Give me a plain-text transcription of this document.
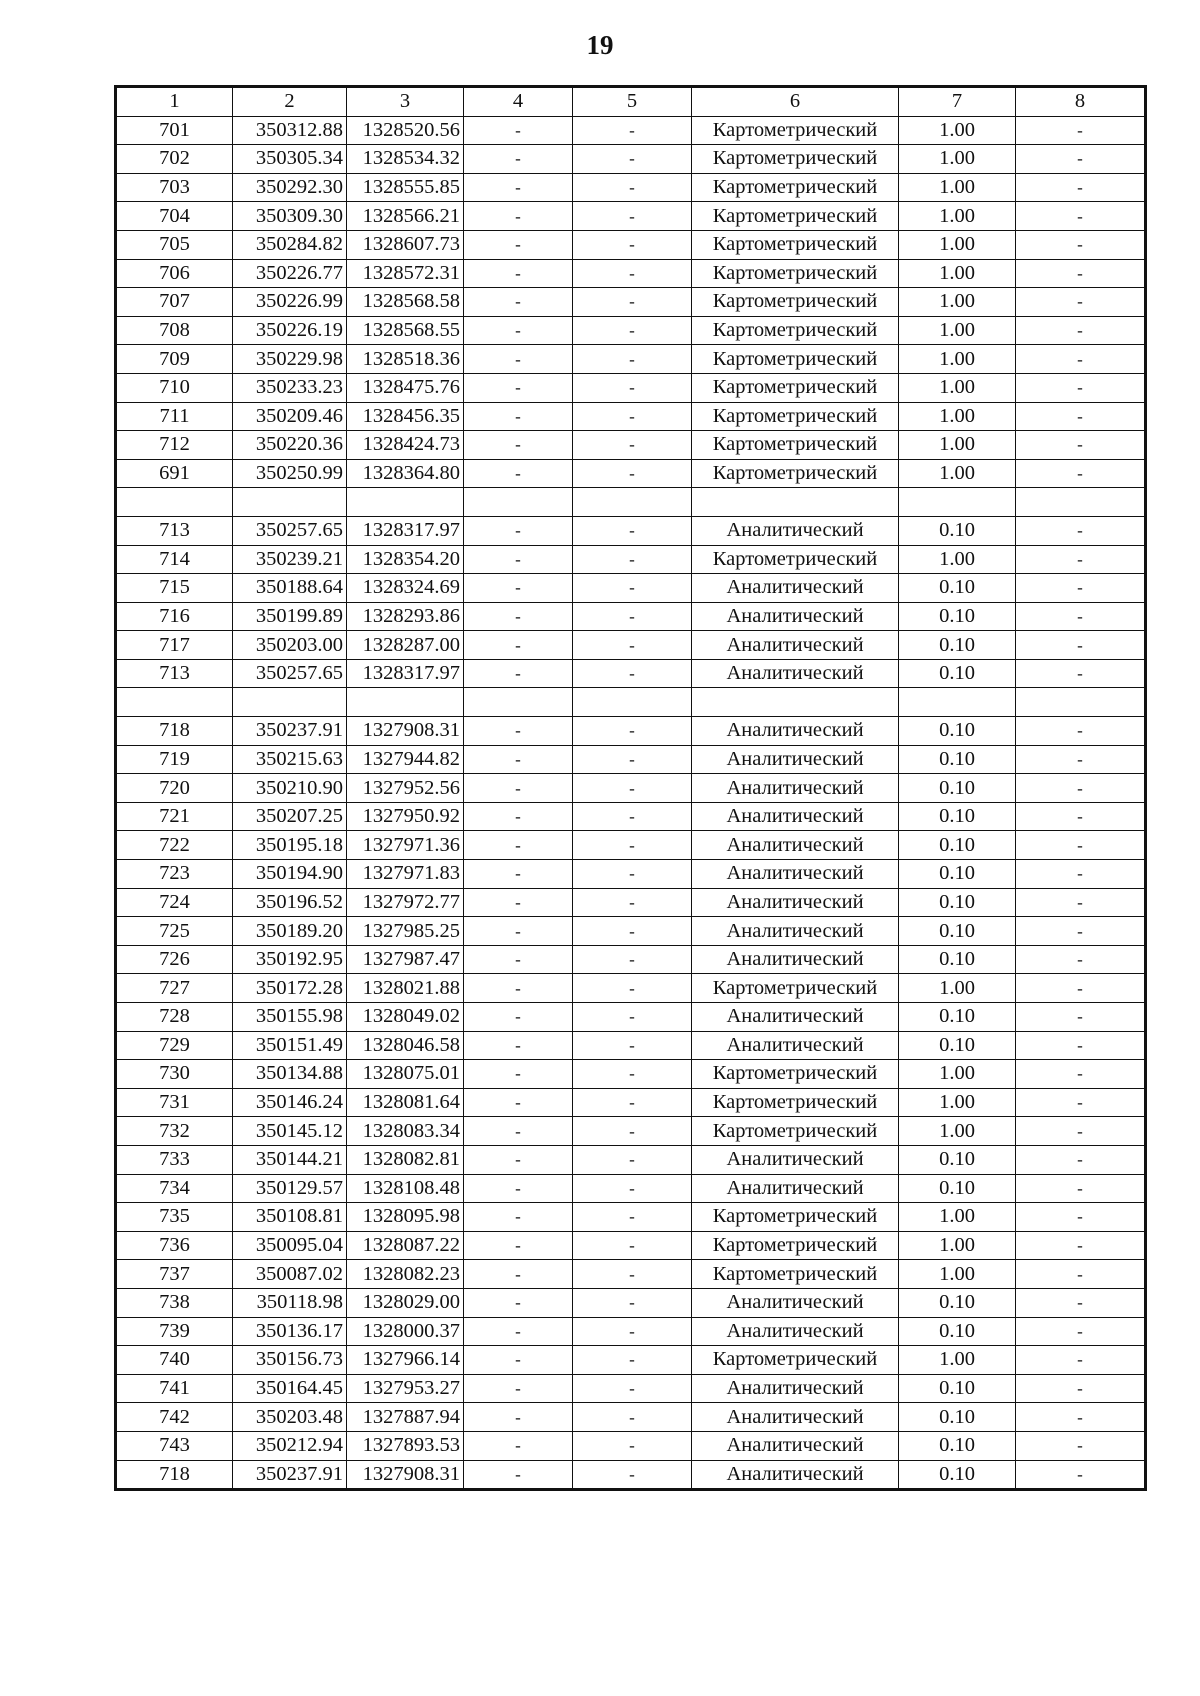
19
1	2	3	4	5	6	7	8
701	350312.88	1328520.56	-	-	Картометрический	1.00	-
702	350305.34	1328534.32	-	-	Картометрический	1.00	-
703	350292.30	1328555.85	-	-	Картометрический	1.00	-
704	350309.30	1328566.21	-	-	Картометрический	1.00	-
705	350284.82	1328607.73	-	-	Картометрический	1.00	-
706	350226.77	1328572.31	-	-	Картометрический	1.00	-
707	350226.99	1328568.58	-	-	Картометрический	1.00	-
708	350226.19	1328568.55	-	-	Картометрический	1.00	-
709	350229.98	1328518.36	-	-	Картометрический	1.00	-
710	350233.23	1328475.76	-	-	Картометрический	1.00	-
711	350209.46	1328456.35	-	-	Картометрический	1.00	-
712	350220.36	1328424.73	-	-	Картометрический	1.00	-
691	350250.99	1328364.80	-	-	Картометрический	1.00	-

713	350257.65	1328317.97	-	-	Аналитический	0.10	-
714	350239.21	1328354.20	-	-	Картометрический	1.00	-
715	350188.64	1328324.69	-	-	Аналитический	0.10	-
716	350199.89	1328293.86	-	-	Аналитический	0.10	-
717	350203.00	1328287.00	-	-	Аналитический	0.10	-
713	350257.65	1328317.97	-	-	Аналитический	0.10	-

718	350237.91	1327908.31	-	-	Аналитический	0.10	-
719	350215.63	1327944.82	-	-	Аналитический	0.10	-
720	350210.90	1327952.56	-	-	Аналитический	0.10	-
721	350207.25	1327950.92	-	-	Аналитический	0.10	-
722	350195.18	1327971.36	-	-	Аналитический	0.10	-
723	350194.90	1327971.83	-	-	Аналитический	0.10	-
724	350196.52	1327972.77	-	-	Аналитический	0.10	-
725	350189.20	1327985.25	-	-	Аналитический	0.10	-
726	350192.95	1327987.47	-	-	Аналитический	0.10	-
727	350172.28	1328021.88	-	-	Картометрический	1.00	-
728	350155.98	1328049.02	-	-	Аналитический	0.10	-
729	350151.49	1328046.58	-	-	Аналитический	0.10	-
730	350134.88	1328075.01	-	-	Картометрический	1.00	-
731	350146.24	1328081.64	-	-	Картометрический	1.00	-
732	350145.12	1328083.34	-	-	Картометрический	1.00	-
733	350144.21	1328082.81	-	-	Аналитический	0.10	-
734	350129.57	1328108.48	-	-	Аналитический	0.10	-
735	350108.81	1328095.98	-	-	Картометрический	1.00	-
736	350095.04	1328087.22	-	-	Картометрический	1.00	-
737	350087.02	1328082.23	-	-	Картометрический	1.00	-
738	350118.98	1328029.00	-	-	Аналитический	0.10	-
739	350136.17	1328000.37	-	-	Аналитический	0.10	-
740	350156.73	1327966.14	-	-	Картометрический	1.00	-
741	350164.45	1327953.27	-	-	Аналитический	0.10	-
742	350203.48	1327887.94	-	-	Аналитический	0.10	-
743	350212.94	1327893.53	-	-	Аналитический	0.10	-
718	350237.91	1327908.31	-	-	Аналитический	0.10	-
